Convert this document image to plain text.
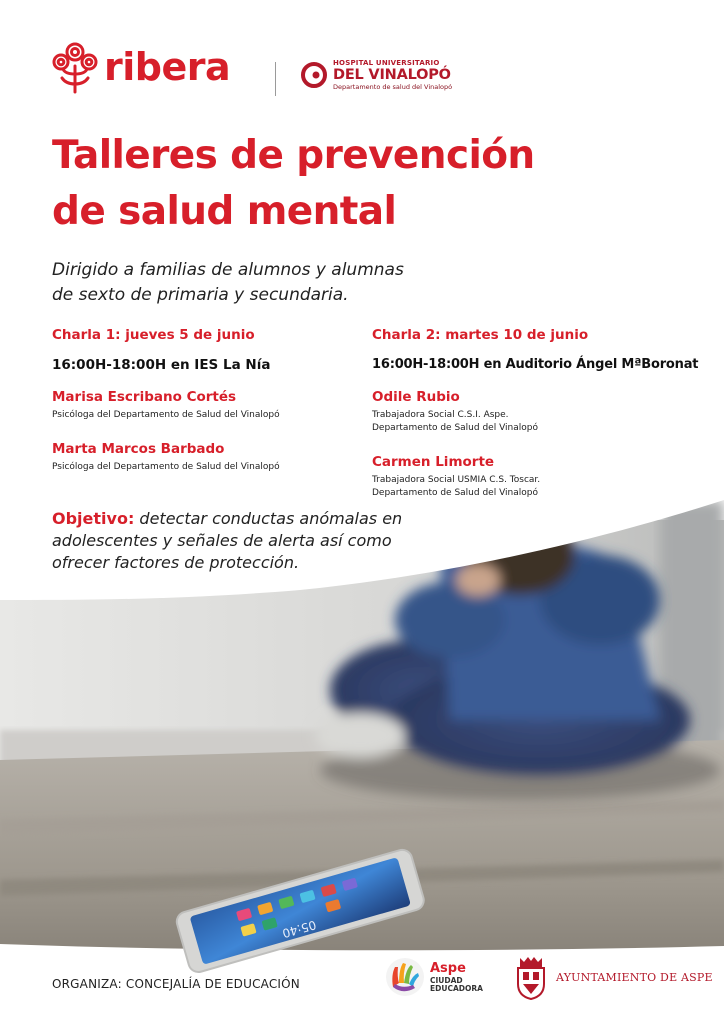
05:40
ribera	HOSPITAL UNIVERSITARIO
DEL VINALOPÓ
Departamento de salud del Vinalopó
Talleres de prevención
de salud mental

Dirigido a familias de alumnos y alumnas
de sexto de primaria y secundaria.

Charla 1: jueves 5 de junio

16:00H-18:00H en IES La Nía

Marisa Escribano Cortés
Psicóloga del Departamento de Salud del Vinalopó
Marta Marcos Barbado
Psicóloga del Departamento de Salud del Vinalopó

Charla 2: martes 10 de junio

16:00H-18:00H en Auditorio Ángel MªBoronat

Odile Rubio
Trabajadora Social C.S.I. Aspe.
Departamento de Salud del Vinalopó
Carmen Limorte
Trabajadora Social USMIA C.S. Toscar.
Departamento de Salud del Vinalopó

Objetivo: detectar conductas anómalas en
adolescentes y señales de alerta así como
ofrecer factores de protección.

ORGANIZA: CONCEJALÍA DE EDUCACIÓN
Aspe
CIUDAD
EDUCADORA
AYUNTAMIENTO DE ASPE
